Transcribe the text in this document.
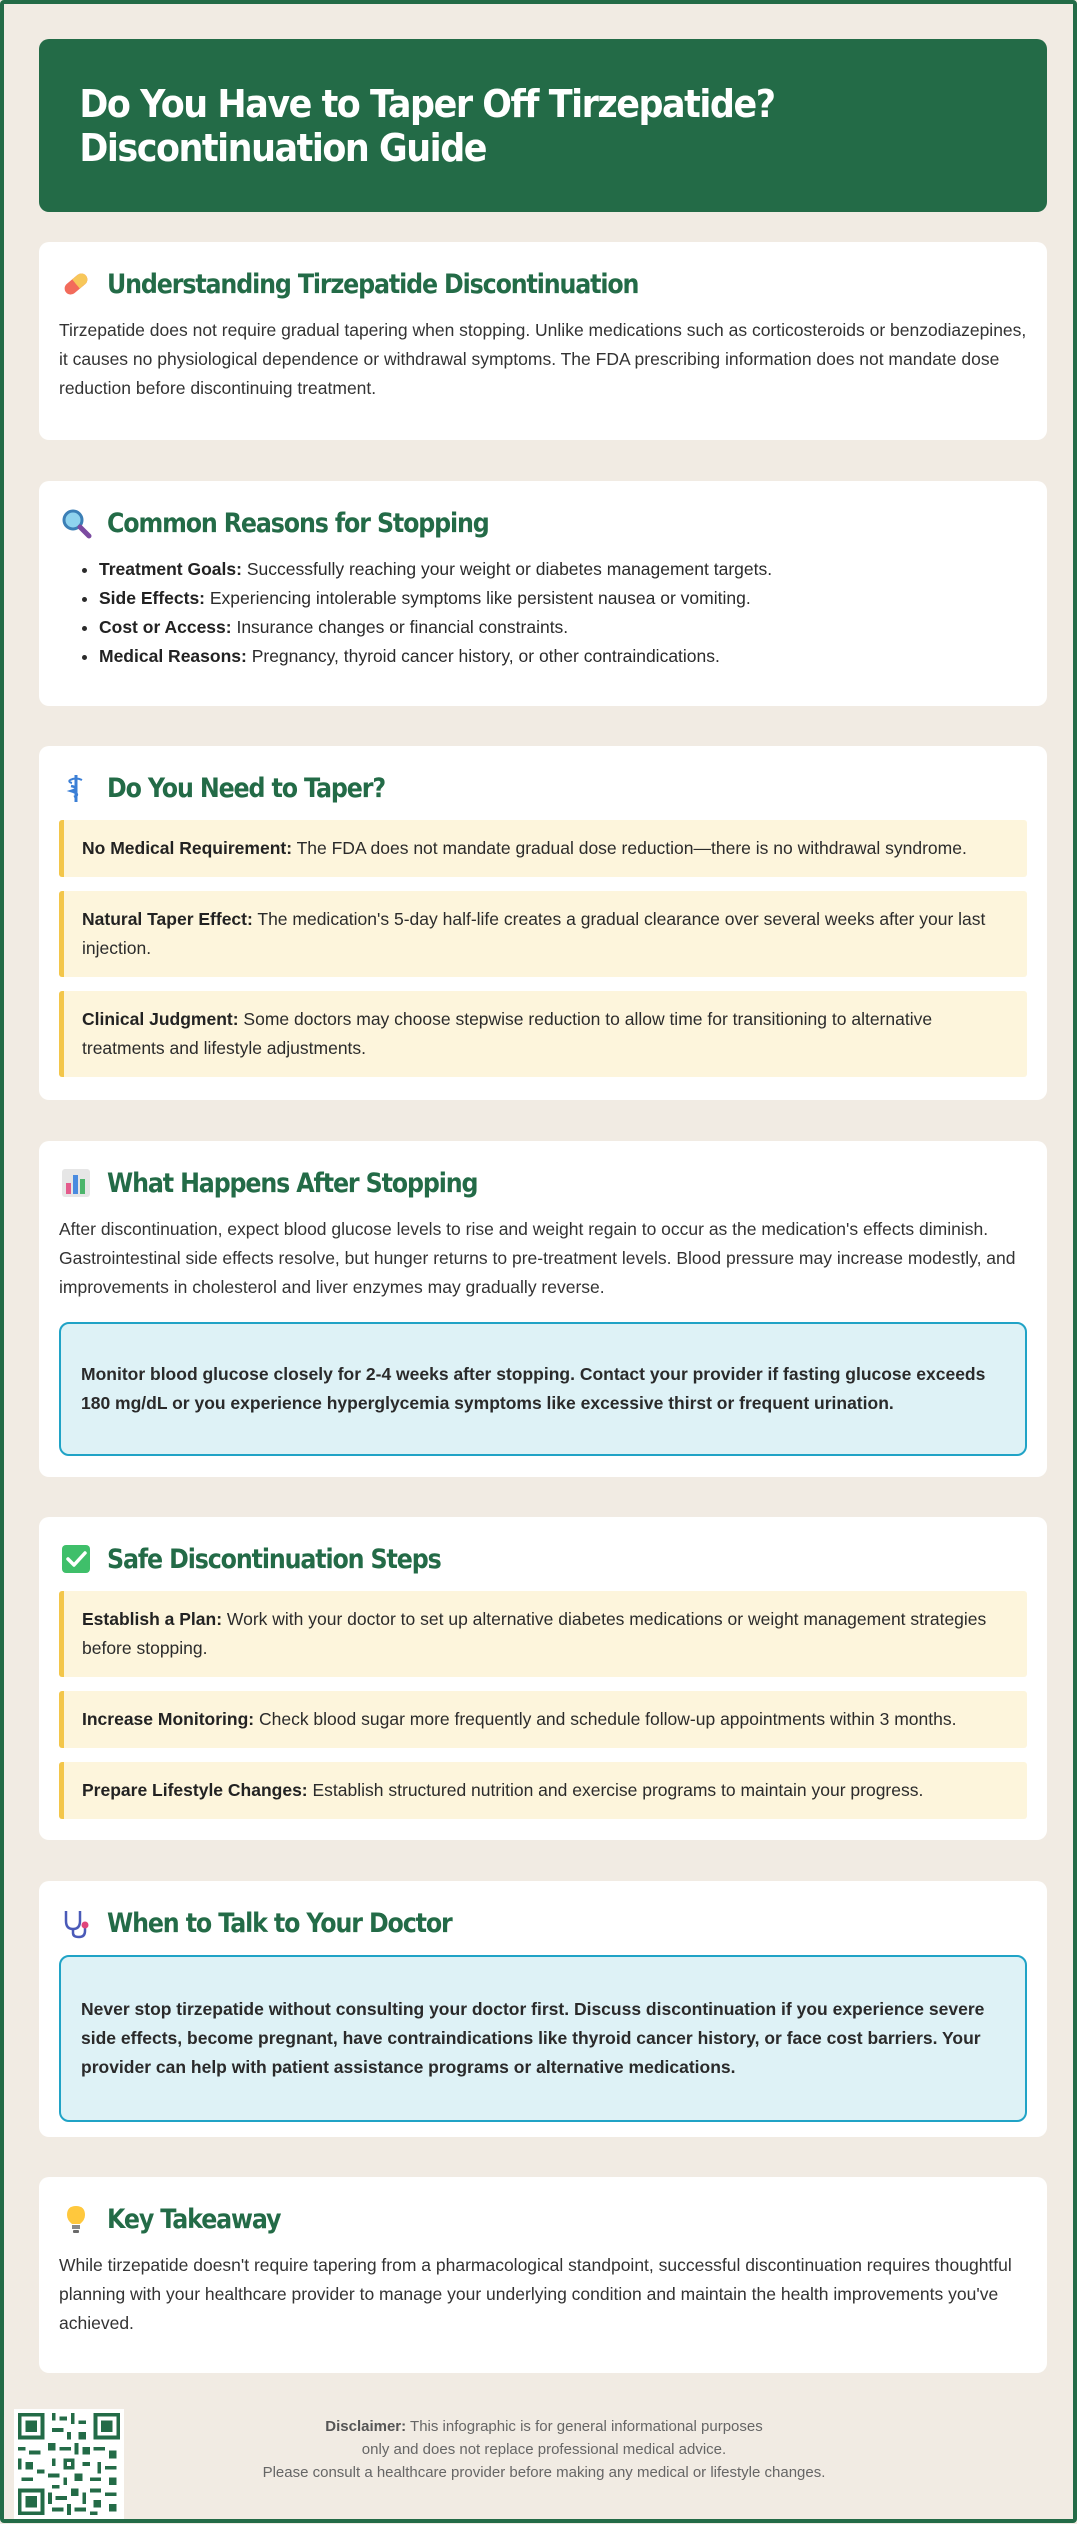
Do You Have to Taper Off Tirzepatide? Discontinuation Guide
Understanding Tirzepatide Discontinuation

Tirzepatide does not require gradual tapering when stopping. Unlike medications such as corticosteroids or benzodiazepines, it causes no physiological dependence or withdrawal symptoms. The FDA prescribing information does not mandate dose reduction before discontinuing treatment.

Common Reasons for Stopping
• Treatment Goals: Successfully reaching your weight or diabetes management targets.
• Side Effects: Experiencing intolerable symptoms like persistent nausea or vomiting.
• Cost or Access: Insurance changes or financial constraints.
• Medical Reasons: Pregnancy, thyroid cancer history, or other contraindications.
Do You Need to Taper?
No Medical Requirement: The FDA does not mandate gradual dose reduction—there is no withdrawal syndrome.
Natural Taper Effect: The medication's 5-day half-life creates a gradual clearance over several weeks after your last injection.
Clinical Judgment: Some doctors may choose stepwise reduction to allow time for transitioning to alternative treatments and lifestyle adjustments.
What Happens After Stopping

After discontinuation, expect blood glucose levels to rise and weight regain to occur as the medication's effects diminish. Gastrointestinal side effects resolve, but hunger returns to pre-treatment levels. Blood pressure may increase modestly, and improvements in cholesterol and liver enzymes may gradually reverse.

Monitor blood glucose closely for 2-4 weeks after stopping. Contact your provider if fasting glucose exceeds 180 mg/dL or you experience hyperglycemia symptoms like excessive thirst or frequent urination.
Safe Discontinuation Steps
Establish a Plan: Work with your doctor to set up alternative diabetes medications or weight management strategies before stopping.
Increase Monitoring: Check blood sugar more frequently and schedule follow-up appointments within 3 months.
Prepare Lifestyle Changes: Establish structured nutrition and exercise programs to maintain your progress.
When to Talk to Your Doctor
Never stop tirzepatide without consulting your doctor first. Discuss discontinuation if you experience severe side effects, become pregnant, have contraindications like thyroid cancer history, or face cost barriers. Your provider can help with patient assistance programs or alternative medications.
Key Takeaway

While tirzepatide doesn't require tapering from a pharmacological standpoint, successful discontinuation requires thoughtful planning with your healthcare provider to manage your underlying condition and maintain the health improvements you've achieved.

Disclaimer: This infographic is for general informational purposes
only and does not replace professional medical advice.
Please consult a healthcare provider before making any medical or lifestyle changes.
